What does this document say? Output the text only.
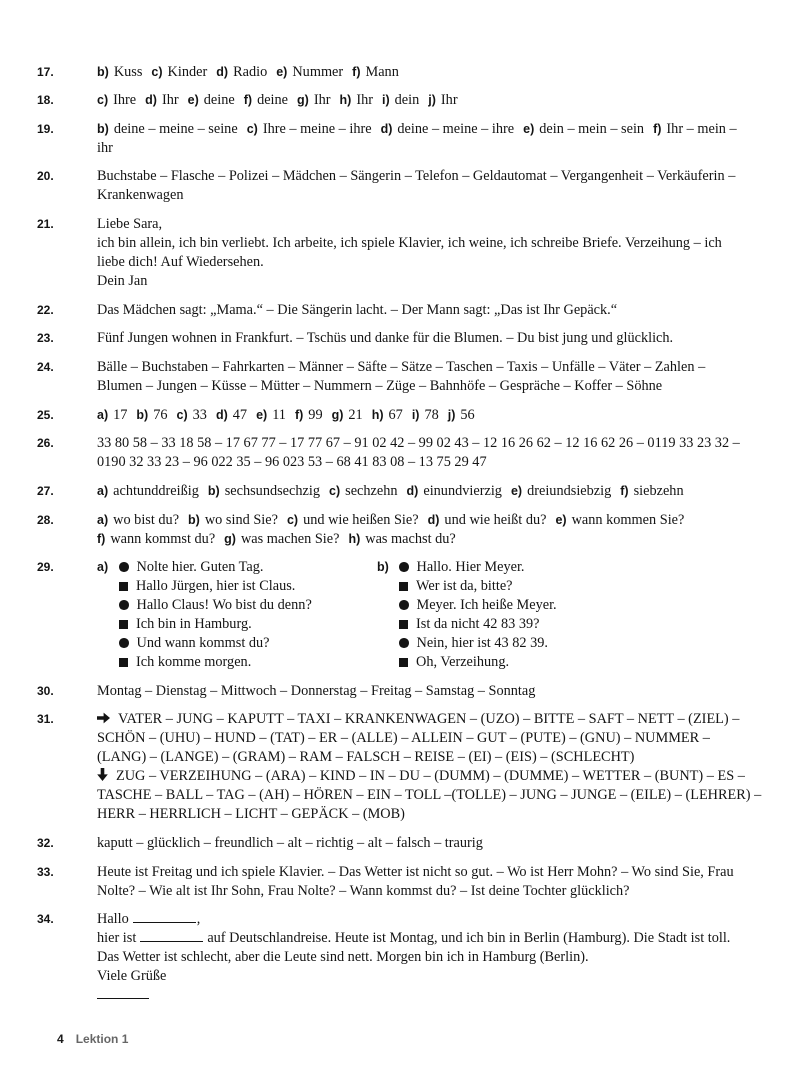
17.	b) Kuss c) Kinder d) Radio e) Nummer f) Mann
18.	c) Ihre d) Ihr e) deine f) deine g) Ihr h) Ihr i) dein j) Ihr
19.	b) deine – meine – seine c) Ihre – meine – ihre d) deine – meine – ihre e) dein – mein – sein f) Ihr – mein –
ihr
20.	Buchstabe – Flasche – Polizei – Mädchen – Sängerin – Telefon – Geldautomat – Vergangenheit – Verkäuferin –
Krankenwagen
21.	Liebe Sara,
ich bin allein, ich bin verliebt. Ich arbeite, ich spiele Klavier, ich weine, ich schreibe Briefe. Verzeihung – ich
liebe dich! Auf Wiedersehen.
Dein Jan
22.	Das Mädchen sagt: „Mama.“ – Die Sängerin lacht. – Der Mann sagt: „Das ist Ihr Gepäck.“
23.	Fünf Jungen wohnen in Frankfurt. – Tschüs und danke für die Blumen. – Du bist jung und glücklich.
24.	Bälle – Buchstaben – Fahrkarten – Männer – Säfte – Sätze – Taschen – Taxis – Unfälle – Väter – Zahlen –
Blumen – Jungen – Küsse – Mütter – Nummern – Züge – Bahnhöfe – Gespräche – Koffer – Söhne
25.	a) 17 b) 76 c) 33 d) 47 e) 11 f) 99 g) 21 h) 67 i) 78 j) 56
26.	33 80 58 – 33 18 58 – 17 67 77 – 17 77 67 – 91 02 42 – 99 02 43 – 12 16 26 62 – 12 16 62 26 – 0119 33 23 32 –
0190 32 33 23 – 96 022 35 – 96 023 53 – 68 41 83 08 – 13 75 29 47
27.	a) achtunddreißig b) sechsundsechzig c) sechzehn d) einundvierzig e) dreiundsiebzig f) siebzehn
28.	a) wo bist du? b) wo sind Sie? c) und wie heißen Sie? d) und wie heißt du? e) wann kommen Sie?
f) wann kommst du? g) was machen Sie? h) was machst du?
29.	a)	Nolte hier. Guten Tag.
Hallo Jürgen, hier ist Claus.
Hallo Claus! Wo bist du denn?
Ich bin in Hamburg.
Und wann kommst du?
Ich komme morgen.
b)	Hallo. Hier Meyer.
Wer ist da, bitte?
Meyer. Ich heiße Meyer.
Ist da nicht 42 83 39?
Nein, hier ist 43 82 39.
Oh, Verzeihung.
30.	Montag – Dienstag – Mittwoch – Donnerstag – Freitag – Samstag – Sonntag
31.	VATER – JUNG – KAPUTT – TAXI – KRANKENWAGEN – (UZO) – BITTE – SAFT – NETT – (ZIEL) –
SCHÖN – (UHU) – HUND – (TAT) – ER – (ALLE) – ALLEIN – GUT – (PUTE) – (GNU) – NUMMER –
(LANG) – (LANGE) – (GRAM) – RAM – FALSCH – REISE – (EI) – (EIS) – (SCHLECHT)
ZUG – VERZEIHUNG – (ARA) – KIND – IN – DU – (DUMM) – (DUMME) – WETTER – (BUNT) – ES –
TASCHE – BALL – TAG – (AH) – HÖREN – EIN – TOLL –(TOLLE) – JUNG – JUNGE – (EILE) – (LEHRER) –
HERR – HERRLICH – LICHT – GEPÄCK – (MOB)
32.	kaputt – glücklich – freundlich – alt – richtig – alt – falsch – traurig
33.	Heute ist Freitag und ich spiele Klavier. – Das Wetter ist nicht so gut. – Wo ist Herr Mohn? – Wo sind Sie, Frau
Nolte? – Wie alt ist Ihr Sohn, Frau Nolte? – Wann kommst du? – Ist deine Tochter glücklich?
34.	Hallo	,
hier ist	auf Deutschlandreise. Heute ist Montag, und ich bin in Berlin (Hamburg). Die Stadt ist toll.
Das Wetter ist schlecht, aber die Leute sind nett. Morgen bin ich in Hamburg (Berlin).
Viele Grüße
4 Lektion 1
